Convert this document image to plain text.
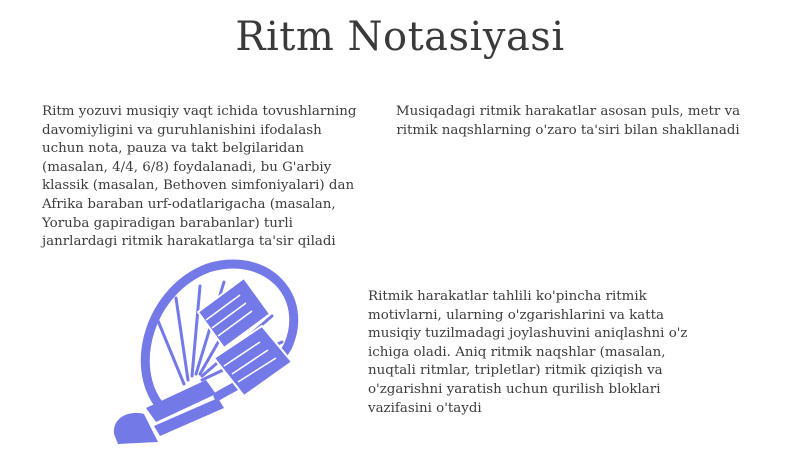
Ritm Notasiyasi
Ritm yozuvi musiqiy vaqt ichida tovushlarning davomiyligini va guruhlanishini ifodalash uchun nota, pauza va takt belgilaridan (masalan, 4/4, 6/8) foydalanadi, bu G'arbiy klassik (masalan, Bethoven simfoniyalari) dan Afrika baraban urf-odatlarigacha (masalan, Yoruba gapiradigan barabanlar) turli janrlardagi ritmik harakatlarga ta'sir qiladi
Musiqadagi ritmik harakatlar asosan puls, metr va ritmik naqshlarning o'zaro ta'siri bilan shakllanadi
Ritmik harakatlar tahlili ko'pincha ritmik motivlarni, ularning o'zgarishlarini va katta musiqiy tuzilmadagi joylashuvini aniqlashni o'z ichiga oladi. Aniq ritmik naqshlar (masalan, nuqtali ritmlar, tripletlar) ritmik qiziqish va o'zgarishni yaratish uchun qurilish bloklari vazifasini o'taydi
